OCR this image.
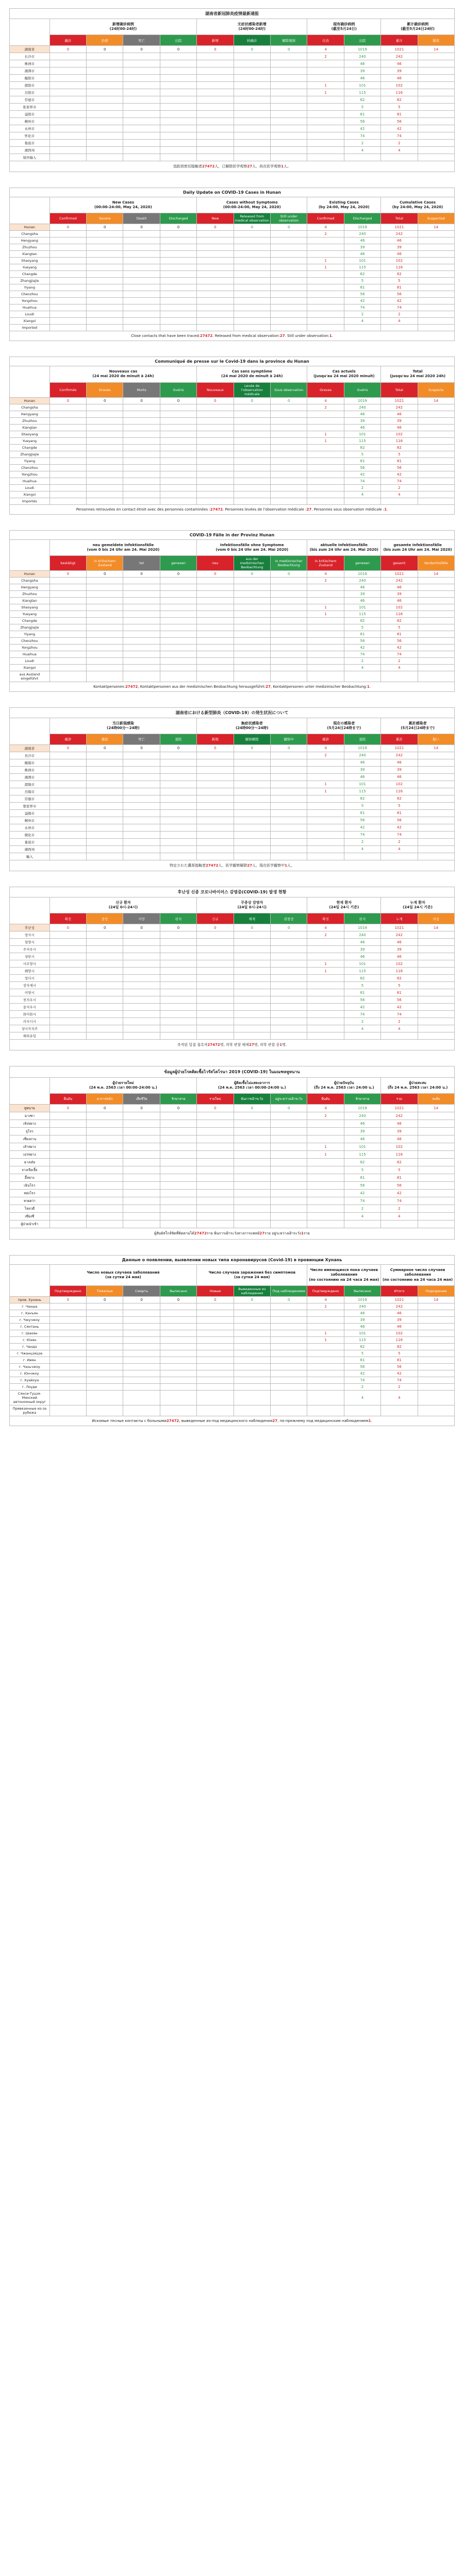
湖南省新冠肺炎疫情最新通报
	新增确诊病例
(24时00-24时)				无症状感染者新增
(24时00-24时)			现有确诊病例
(截至5月24日)		累计确诊病例
(截至5月24日24时)	
	确诊	治愈	死亡	出院	新增	转确诊	解除观察	在治	出院	累计	疑似
湖南省	0	0	0	0	0	0	0	4	1019	1021	14
长沙市								2	240	242	
株洲市									46	46	
湘潭市									39	39	
衡阳市									46	46	
邵阳市								1	101	102	
岳阳市								1	115	116	
常德市									82	82	
张家界市									5	5	
益阳市									81	81	
郴州市									56	56	
永州市									42	42	
怀化市									74	74	
娄底市									2	2	
湘西州									4	4	
境外输入											
追踪到密切接触者27472人，已解除医学观察27人，尚在医学观察1人。
Daily Update on COVID-19 Cases in Hunan
	New Cases
(00:00-24:00, May 24, 2020)				Cases without Symptoms
(00:00-24:00, May 24, 2020)			Existing Cases
(by 24:00, May 24, 2020)		Cumulative Cases
(by 24:00, May 24, 2020)	
	Confirmed	Severe	Death	Discharged	New	Released from medical observation	Still under observation	Confirmed	Discharged	Total	Suspected
Hunan	0	0	0	0	0	0	0	4	1019	1021	14
Changsha								2	240	242	
Hengyang									46	46	
Zhuzhou									39	39	
Xiangtan									46	46	
Shaoyang								1	101	102	
Yueyang								1	115	116	
Changde									82	82	
Zhangjiajie									5	5	
Yiyang									81	81	
Chenzhou									56	56	
Yongzhou									42	42	
Huaihua									74	74	
Loudi									2	2	
Xiangxi									4	4	
Imported											
Close contacts that have been traced:27472. Released from medical observation:27. Still under observation:1.
Communiqué de presse sur le Covid-19 dans la province du Hunan
	Nouveaux cas
(24 mai 2020 de minuit à 24h)				Cas sans symptôme
(24 mai 2020 de minuit à 24h)			Cas actuels
(jusqu'au 24 mai 2020 minuit)		Total
(jusqu'au 24 mai 2020 24h)	
	Confirmés	Graves	Morts	Guéris	Nouveaux	Levée de l'observation médicale	Sous observation	Graves	Guéris	Total	Suspects
Hunan	0	0	0	0	0	0	0	4	1019	1021	14
Changsha								2	240	242	
Hengyang									46	46	
Zhuzhou									39	39	
Xiangtan									46	46	
Shaoyang								1	101	102	
Yueyang								1	115	116	
Changde									82	82	
Zhangjiajie									5	5	
Yiyang									81	81	
Chenzhou									56	56	
Yongzhou									42	42	
Huaihua									74	74	
Loudi									2	2	
Xiangxi									4	4	
Importés											
Personnes retrouvées en contact étroit avec des personnes contaminées :27472. Personnes levées de l'observation médicale :27. Personnes sous observation médicale :1.
COVID-19 Fälle in der Provinz Hunan
	neu gemeldete Infektionsfälle
(vom 0 bis 24 Uhr am 24. Mai 2020)				Infektionsfälle ohne Symptome
(vom 0 bis 24 Uhr am 24. Mai 2020)			aktuelle Infektionsfälle
(bis zum 24 Uhr am 24. Mai 2020)		gesamte Infektionsfälle
(bis zum 24 Uhr am 24. Mai 2020)	
	bestätigt	in kritischem Zustand	tot	genesen	neu	aus der medizinischen Beobachtung	in medizinischer Beobachtung	in kritischem Zustand	genesen	gesamt	Verdachtsfälle
Hunan	0	0	0	0	0	0	0	4	1019	1021	14
Changsha								2	240	242	
Hengyang									46	46	
Zhuzhou									39	39	
Xiangtan									46	46	
Shaoyang								1	101	102	
Yueyang								1	115	116	
Changde									82	82	
Zhangjiajie									5	5	
Yiyang									81	81	
Chenzhou									56	56	
Yongzhou									42	42	
Huaihua									74	74	
Loudi									2	2	
Xiangxi									4	4	
aus Ausland eingeführt											
Kontaktpersonen:27472, Kontaktpersonen aus der medizinischen Beobachtung herausgeführt:27, Kontaktpersonen unter medizinischer Beobachtung:1.
湖南省における新型肺炎（COVID-19）の発生状況について
	当日新規感染
(24時00分〜24時)				無症状感染者
(24時00分〜24時)			現在の感染者
(5月24日24時まで)		累計感染者
(5月24日24時まで)	
	確診	重症	死亡	退院	新規	観察解除	観察中	確診	退院	累計	疑い
湖南省	0	0	0	0	0	0	0	4	1019	1021	14
長沙市								2	240	242	
衡陽市									46	46	
株洲市									39	39	
湘潭市									46	46	
邵陽市								1	101	102	
岳陽市								1	115	116	
常徳市									82	82	
張家界市									5	5	
益陽市									81	81	
郴州市									56	56	
永州市									42	42	
懐化市									74	74	
婁底市									2	2	
湘西州									4	4	
輸入											
特定された濃厚接触者27472人、医学観察解除27人、現在医学観察中1人。
후난성 신종 코로나바이러스 감염증(COVID-19) 발생 현황
	신규 환자
(24일 0시-24시)				무증상 감염자
(24일 0시-24시)			현재 환자
(24일 24시 기준)		누계 환자
(24일 24시 기준)	
	확진	중증	사망	완치	신규	해제	관찰중	확진	완치	누계	의심
후난성	0	0	0	0	0	0	0	4	1019	1021	14
창사시								2	240	242	
헝양시									46	46	
주저우시									39	39	
샹탄시									46	46	
사오양시								1	101	102	
웨양시								1	115	116	
창더시									82	82	
장자제시									5	5	
이양시									81	81	
천저우시									56	56	
융저우시									42	42	
화이화시									74	74	
러우디시									2	2	
샹시자치주									4	4	
해외유입											
추적된 밀접 접촉자27472명, 의학 관찰 해제27명, 의학 관찰 중1명.
ข้อมูลผู้ป่วยโรคติดเชื้อไวรัสโคโรนา 2019 (COVID-19) ในมณฑลหูหนาน
	ผู้ป่วยรายใหม่
(24 พ.ค. 2563 เวลา 00:00-24:00 น.)				ผู้ติดเชื้อไม่แสดงอาการ
(24 พ.ค. 2563 เวลา 00:00-24:00 น.)			ผู้ป่วยปัจจุบัน
(ถึง 24 พ.ค. 2563 เวลา 24:00 น.)		ผู้ป่วยสะสม
(ถึง 24 พ.ค. 2563 เวลา 24:00 น.)	
	ยืนยัน	อาการหนัก	เสียชีวิต	รักษาหาย	รายใหม่	พ้นการเฝ้าระวัง	อยู่ระหว่างเฝ้าระวัง	ยืนยัน	รักษาหาย	รวม	สงสัย
หูหนาน	0	0	0	0	0	0	0	4	1019	1021	14
ฉางซา								2	240	242	
เหิงหยาง									46	46	
จูโจว									39	39	
เซียงถาน									46	46	
เส้าหยาง								1	101	102	
เยว่หยาง								1	115	116	
ฉางเต๋อ									82	82	
จางเจียเจี้ย									5	5	
อี้หยาง									81	81	
เฉินโจว									56	56	
หย่งโจว									42	42	
หวยฮว่า									74	74	
โหลวตี่									2	2	
เซียงซี									4	4	
ผู้ป่วยนำเข้า											
ผู้สัมผัสใกล้ชิดที่ติดตามได้27472ราย พ้นการเฝ้าระวังทางการแพทย์27ราย อยู่ระหว่างเฝ้าระวัง1ราย
Данные о появлении, выявлении новых типа коронавирусов (Covid-19) в провинции Хунань
	Число новых случаев заболевания
(за сутки 24 мая)				Число случаев заражения без симптомов
(за сутки 24 мая)			Число имеющихся пока случаев заболевания
(по состоянию на 24 часа 24 мая)		Суммарное число случаев заболевания
(по состоянию на 24 часа 24 мая)	
	Подтверждено	Тяжелые	Смерть	Выписано	Новые	Выведенные из наблюдения	Под наблюдением	Подтверждено	Выписано	Итого	Подозрение
пров. Хунань	0	0	0	0	0	0	0	4	1019	1021	14
г. Чанша								2	240	242	
г. Хэнъян									46	46	
г. Чжучжоу									39	39	
г. Сянтань									46	46	
г. Шаоян								1	101	102	
г. Юэян								1	115	116	
г. Чандэ									82	82	
г. Чжанцзяцзе									5	5	
г. Ииян									81	81	
г. Чэньчжоу									56	56	
г. Юнчжоу									42	42	
г. Хуайхуа									74	74	
г. Лоуди									2	2	
Сянси-Туцзя-Мяоский автономный округ									4	4	
Привезенные из-за рубежа											
Искомые тесные контакты с больными27472, выведенные из-под медицинского наблюдения27, по-прежнему под медицинским наблюдением1.
